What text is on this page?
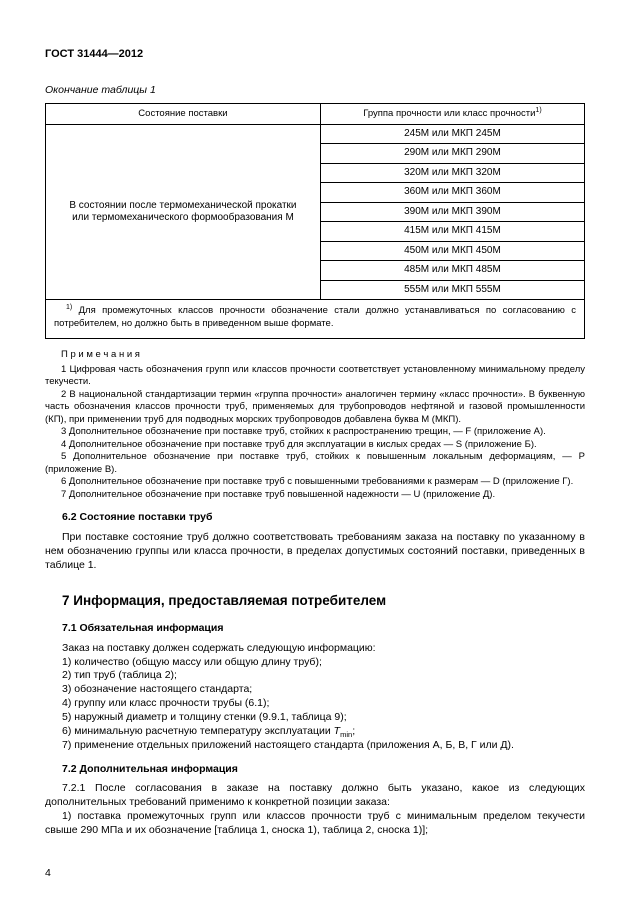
ГОСТ 31444—2012
Окончание таблицы 1
Состояние поставки	Группа прочности или класс прочности$^{1)}$
В состоянии после термомеханической прокатки или термомеханического формообразования М	245М или МКП 245М
	290М или МКП 290М
	320М или МКП 320М
	360М или МКП 360М
	390М или МКП 390М
	415М или МКП 415М
	450М или МКП 450М
	485М или МКП 485М
	555М или МКП 555М
$^{1)}$ Для промежуточных классов прочности обозначение стали должно устанавливаться по согласованию с потребителем, но должно быть в приведенном выше формате.	
П р и м е ч а н и я
1 Цифровая часть обозначения групп или классов прочности соответствует установленному минимальному пределу текучести.
2 В национальной стандартизации термин «группа прочности» аналогичен термину «класс прочности». В буквенную часть обозначения классов прочности труб, применяемых для трубопроводов нефтяной и газовой промышленности (КП), при применении труб для подводных морских трубопроводов добавлена буква М (МКП).
3 Дополнительное обозначение при поставке труб, стойких к распространению трещин, — F (приложение А).
4 Дополнительное обозначение при поставке труб для эксплуатации в кислых средах — S (приложение Б).
5 Дополнительное обозначение при поставке труб, стойких к повышенным локальным деформациям, — P (приложение В).
6 Дополнительное обозначение при поставке труб с повышенными требованиями к размерам — D (приложение Г).
7 Дополнительное обозначение при поставке труб повышенной надежности — U (приложение Д).
6.2 Состояние поставки труб
При поставке состояние труб должно соответствовать требованиям заказа на поставку по указанному в нем обозначению группы или класса прочности, в пределах допустимых состояний поставки, приведенных в таблице 1.
7 Информация, предоставляемая потребителем
7.1 Обязательная информация
Заказ на поставку должен содержать следующую информацию:
1) количество (общую массу или общую длину труб);
2) тип труб (таблица 2);
3) обозначение настоящего стандарта;
4) группу или класс прочности трубы (6.1);
5) наружный диаметр и толщину стенки (9.9.1, таблица 9);
6) минимальную расчетную температуру эксплуатации $T_{min}$;
7) применение отдельных приложений настоящего стандарта (приложения А, Б, В, Г или Д).
7.2 Дополнительная информация
7.2.1 После согласования в заказе на поставку должно быть указано, какое из следующих дополнительных требований применимо к конкретной позиции заказа:
1) поставка промежуточных групп или классов прочности труб с минимальным пределом текучести свыше 290 МПа и их обозначение [таблица 1, сноска 1), таблица 2, сноска 1)];
4
